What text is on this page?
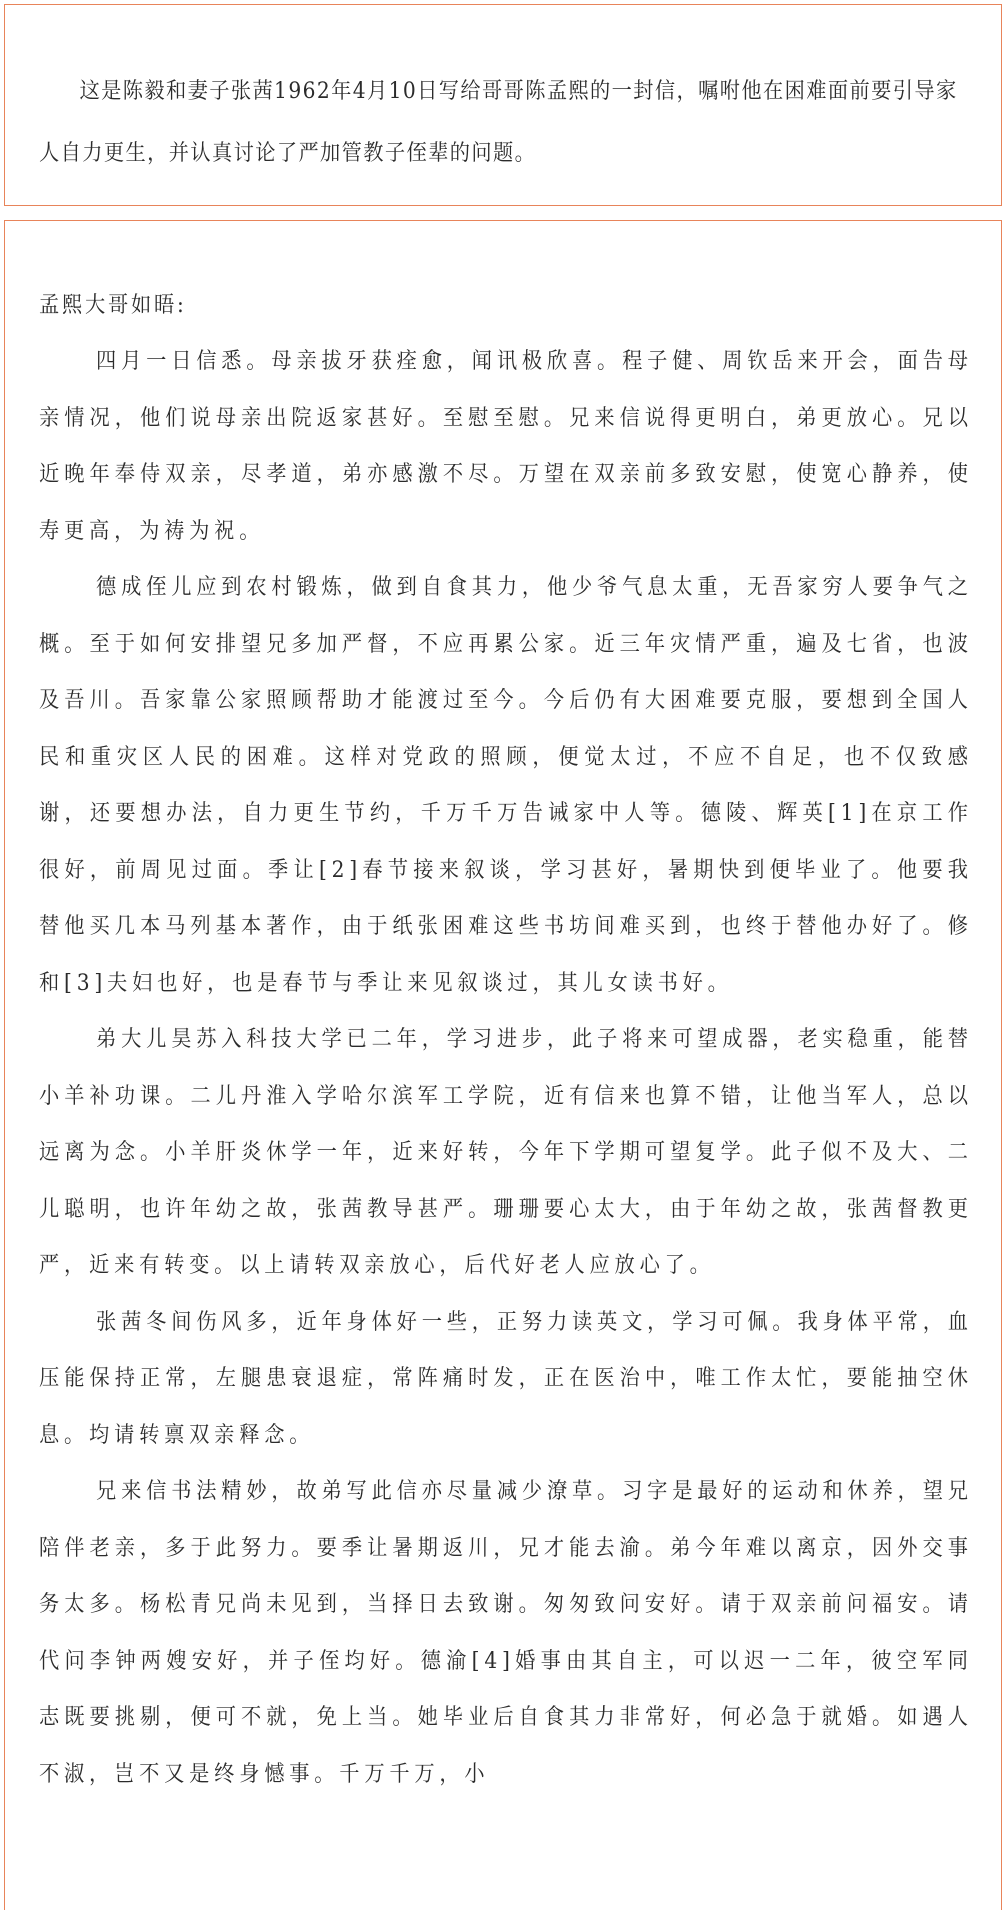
这是陈毅和妻子张茜1962年4月10日写给哥哥陈孟熙的一封信，嘱咐他在困难面前要引导家人自力更生，并认真讨论了严加管教子侄辈的问题。

孟熙大哥如晤:

四月一日信悉。母亲拔牙获痊愈，闻讯极欣喜。程子健、周钦岳来开会，面告母亲情况，他们说母亲出院返家甚好。至慰至慰。兄来信说得更明白，弟更放心。兄以近晚年奉侍双亲，尽孝道，弟亦感激不尽。万望在双亲前多致安慰，使宽心静养，使寿更高，为祷为祝。

德成侄儿应到农村锻炼，做到自食其力，他少爷气息太重，无吾家穷人要争气之概。至于如何安排望兄多加严督，不应再累公家。近三年灾情严重，遍及七省，也波及吾川。吾家靠公家照顾帮助才能渡过至今。今后仍有大困难要克服，要想到全国人民和重灾区人民的困难。这样对党政的照顾，便觉太过，不应不自足，也不仅致感谢，还要想办法，自力更生节约，千万千万告诫家中人等。德陵、辉英[1]在京工作很好，前周见过面。季让[2]春节接来叙谈，学习甚好，暑期快到便毕业了。他要我替他买几本马列基本著作，由于纸张困难这些书坊间难买到，也终于替他办好了。修和[3]夫妇也好，也是春节与季让来见叙谈过，其儿女读书好。

弟大儿昊苏入科技大学已二年，学习进步，此子将来可望成器，老实稳重，能替小羊补功课。二儿丹淮入学哈尔滨军工学院，近有信来也算不错，让他当军人，总以远离为念。小羊肝炎休学一年，近来好转，今年下学期可望复学。此子似不及大、二儿聪明，也许年幼之故，张茜教导甚严。珊珊要心太大，由于年幼之故，张茜督教更严，近来有转变。以上请转双亲放心，后代好老人应放心了。

张茜冬间伤风多，近年身体好一些，正努力读英文，学习可佩。我身体平常，血压能保持正常，左腿患衰退症，常阵痛时发，正在医治中，唯工作太忙，要能抽空休息。均请转禀双亲释念。

兄来信书法精妙，故弟写此信亦尽量减少潦草。习字是最好的运动和休养，望兄陪伴老亲，多于此努力。要季让暑期返川，兄才能去渝。弟今年难以离京，因外交事务太多。杨松青兄尚未见到，当择日去致谢。匆匆致问安好。请于双亲前问福安。请代问李钟两嫂安好，并子侄均好。德渝[4]婚事由其自主，可以迟一二年，彼空军同志既要挑剔，便可不就，免上当。她毕业后自食其力非常好，何必急于就婚。如遇人不淑，岂不又是终身憾事。千万千万，小
